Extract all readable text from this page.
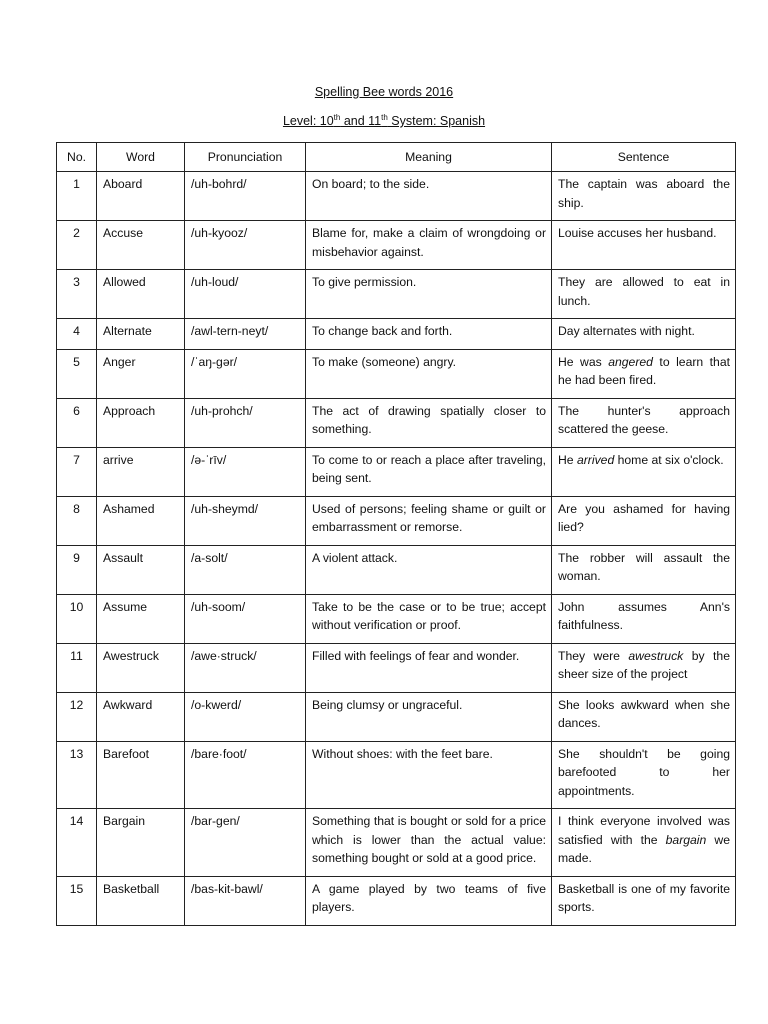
Spelling Bee words 2016
Level: 10th and 11th System: Spanish
No.	Word	Pronunciation	Meaning	Sentence
1	Aboard	/uh-bohrd/	On board; to the side.	The captain was aboard the ship.
2	Accuse	/uh-kyooz/	Blame for, make a claim of wrongdoing or misbehavior against.	Louise accuses her husband.
3	Allowed	/uh-loud/	To give permission.	They are allowed to eat in lunch.
4	Alternate	/awl-tern-neyt/	To change back and forth.	Day alternates with night.
5	Anger	/ˈaŋ-gər/	To make (someone) angry.	He was angered to learn that he had been fired.
6	Approach	/uh-prohch/	The act of drawing spatially closer to something.	The hunter's approach scattered the geese.
7	arrive	/ə-ˈrīv/	To come to or reach a place after traveling, being sent.	He arrived home at six o'clock.
8	Ashamed	/uh-sheymd/	Used of persons; feeling shame or guilt or embarrassment or remorse.	Are you ashamed for having lied?
9	Assault	/a-solt/	A violent attack.	The robber will assault the woman.
10	Assume	/uh-soom/	Take to be the case or to be true; accept without verification or proof.	John assumes Ann's faithfulness.
11	Awestruck	/awe·struck/	Filled with feelings of fear and wonder.	They were awestruck by the sheer size of the project
12	Awkward	/o-kwerd/	Being clumsy or ungraceful.	She looks awkward when she dances.
13	Barefoot	/bare·foot/	Without shoes: with the feet bare.	She shouldn't be going barefooted to her appointments.
14	Bargain	/bar-gen/	Something that is bought or sold for a price which is lower than the actual value: something bought or sold at a good price.	I think everyone involved was satisfied with the bargain we made.
15	Basketball	/bas-kit-bawl/	A game played by two teams of five players.	Basketball is one of my favorite sports.
